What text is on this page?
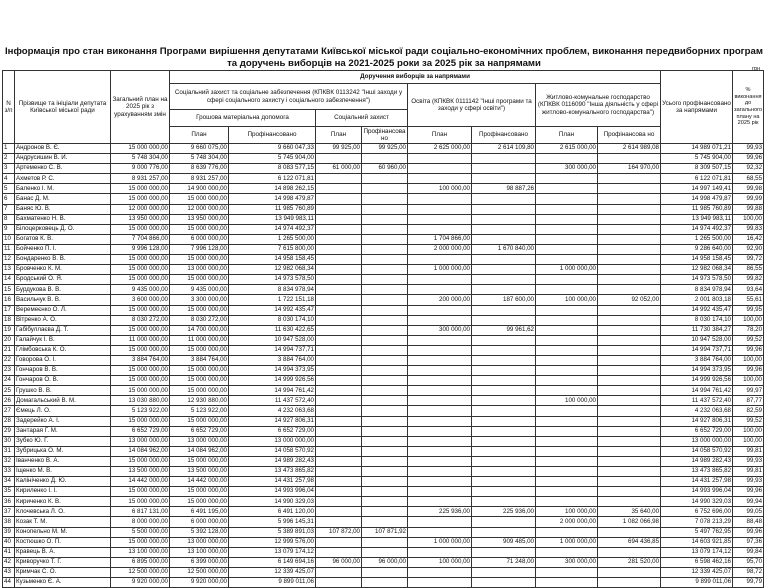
Інформація про стан виконання Програми вирішення депутатами Київської міської ради соціально-економічних проблем, виконання передвиборних програм та доручень виборців на 2021-2025 роки за 2025 рік за напрямами	грн
N з/п	Прізвище та ініціали депутата Київської міської ради	Загальний план на 2025 рік з урахуванням змін	Доручення виборців за напрямами								Усього профінансовано за напрямами	% виконання до загального плану на 2025 рік
			Соціальний захист та соціальне забезпечення (КПКВК 0113242 "Інші заходи у сфері соціального захисту і соціального забезпечення")				Освіта (КПКВК 0111142 "Інші програми та заходи у сфері освіти")		Житлово-комунальне господарство (КПКВК 0116090 "Інша діяльність у сфері житлово-комунального господарства")			
			Грошова матеріальна допомога		Соціальний захист							
			План	Профінансовано	План	Профінансова но	План	Профінансовано	План	Профінансова но		
1	Андронов В. Є.	15 000 000,00	9 660 075,00	9 660 047,33	99 925,00	99 925,00	2 625 000,00	2 614 109,80	2 615 000,00	2 614 989,08	14 989 071,21	99,93
2	Андрусишин В. Й.	5 748 304,00	5 748 304,00	5 745 904,00							5 745 904,00	99,96
3	Артеменко С. В.	9 000 776,00	8 639 776,00	8 083 577,15	61 000,00	60 960,00			300 000,00	164 970,00	8 309 507,15	92,32
4	Ахметов Р. С.	8 931 257,00	8 931 257,00	6 122 071,81							6 122 071,81	68,55
5	Баленко І. М.	15 000 000,00	14 900 000,00	14 898 262,15			100 000,00	98 887,26			14 997 149,41	99,98
6	Банас Д. М.	15 000 000,00	15 000 000,00	14 998 479,87							14 998 479,87	99,99
7	Баняс Ю. В.	12 000 000,00	12 000 000,00	11 985 760,89							11 985 760,89	99,88
8	Бахматенко Н. В.	13 950 000,00	13 950 000,00	13 949 983,11							13 949 983,11	100,00
9	Білоцерковець Д. О.	15 000 000,00	15 000 000,00	14 974 492,37							14 974 492,37	99,83
10	Богатов К. В.	7 704 866,00	6 000 000,00	1 265 500,00			1 704 866,00				1 265 500,00	16,42
11	Бойченко П. І.	9 996 128,00	7 996 128,00	7 615 800,00			2 000 000,00	1 670 840,00			9 286 640,00	92,90
12	Бондаренко В. В.	15 000 000,00	15 000 000,00	14 958 158,45							14 958 158,45	99,72
13	Бровченко К. М.	15 000 000,00	13 000 000,00	12 982 068,34			1 000 000,00		1 000 000,00		12 982 068,34	86,55
14	Бродський О. Я.	15 000 000,00	15 000 000,00	14 973 578,50							14 973 578,50	99,82
15	Бурдукова В. В.	9 435 000,00	9 435 000,00	8 834 978,94							8 834 978,94	93,64
16	Васильчук В. В.	3 600 000,00	3 300 000,00	1 722 151,18			200 000,00	187 600,00	100 000,00	92 052,00	2 001 803,18	55,61
17	Веремеєнко О. Л.	15 000 000,00	15 000 000,00	14 992 435,47							14 992 435,47	99,95
18	Вітренко А. О.	8 030 272,00	8 030 272,00	8 030 174,10							8 030 174,10	100,00
19	Габібуллаєва Д. Т.	15 000 000,00	14 700 000,00	11 630 422,65			300 000,00	99 961,62			11 730 384,27	78,20
20	Галайчук І. В.	11 000 000,00	11 000 000,00	10 947 528,00							10 947 528,00	99,52
21	Глімбовська К. О.	15 000 000,00	15 000 000,00	14 994 737,71							14 994 737,71	99,96
22	Говорова О. І.	3 884 764,00	3 884 764,00	3 884 764,00							3 884 764,00	100,00
23	Гончаров В. В.	15 000 000,00	15 000 000,00	14 994 373,95							14 994 373,95	99,96
24	Гончаров О. В.	15 000 000,00	15 000 000,00	14 999 926,56							14 999 926,56	100,00
25	Грушко В. В.	15 000 000,00	15 000 000,00	14 994 761,42							14 994 761,42	99,97
26	Домагальський В. М.	13 030 880,00	12 930 880,00	11 437 572,40					100 000,00		11 437 572,40	87,77
27	Ємець Л. О.	5 123 922,00	5 123 922,00	4 232 063,68							4 232 063,68	82,59
28	Задерейко А. І.	15 000 000,00	15 000 000,00	14 927 806,31							14 927 806,31	99,52
29	Зантарая Г. М.	6 652 729,00	6 652 729,00	6 652 729,00							6 652 729,00	100,00
30	Зубко Ю. Г.	13 000 000,00	13 000 000,00	13 000 000,00							13 000 000,00	100,00
31	Зубрицька О. М.	14 084 962,00	14 084 962,00	14 058 570,92							14 058 570,92	99,81
32	Іванченко В. А.	15 000 000,00	15 000 000,00	14 989 282,43							14 989 282,43	99,93
33	Іщенко М. В.	13 500 000,00	13 500 000,00	13 473 865,82							13 473 865,82	99,81
34	Калініченко Д. Ю.	14 442 000,00	14 442 000,00	14 431 257,98							14 431 257,98	99,93
35	Кириленко І. І.	15 000 000,00	15 000 000,00	14 993 996,04							14 993 996,04	99,96
36	Кириченко К. В.	15 000 000,00	15 000 000,00	14 990 329,03							14 990 329,03	99,94
37	Клочевська Л. О.	6 817 131,00	6 491 195,00	6 491 120,00			225 936,00	225 936,00	100 000,00	35 640,00	6 752 696,00	99,05
38	Козак Т. М.	8 000 000,00	6 000 000,00	5 996 145,31					2 000 000,00	1 082 066,98	7 078 213,29	88,48
39	Конопельно М. М.	5 500 000,00	5 392 128,00	5 389 891,03	107 872,00	107 871,92					5 497 762,95	99,96
40	Костюшко О. П.	15 000 000,00	13 000 000,00	12 999 576,00			1 000 000,00	909 485,00	1 000 000,00	694 436,85	14 603 921,85	97,36
41	Кравець В. А.	13 100 000,00	13 100 000,00	13 079 174,12							13 079 174,12	99,84
42	Криворучко Т. Г.	6 895 000,00	6 399 000,00	6 149 694,16	96 000,00	96 000,00	100 000,00	71 248,00	300 000,00	281 520,00	6 598 462,16	95,70
43	Кримчак С. О.	12 500 000,00	12 500 000,00	12 339 425,07							12 339 425,07	98,72
44	Кузьменко Є. А.	9 920 000,00	9 920 000,00	9 899 011,06							9 899 011,06	99,79
